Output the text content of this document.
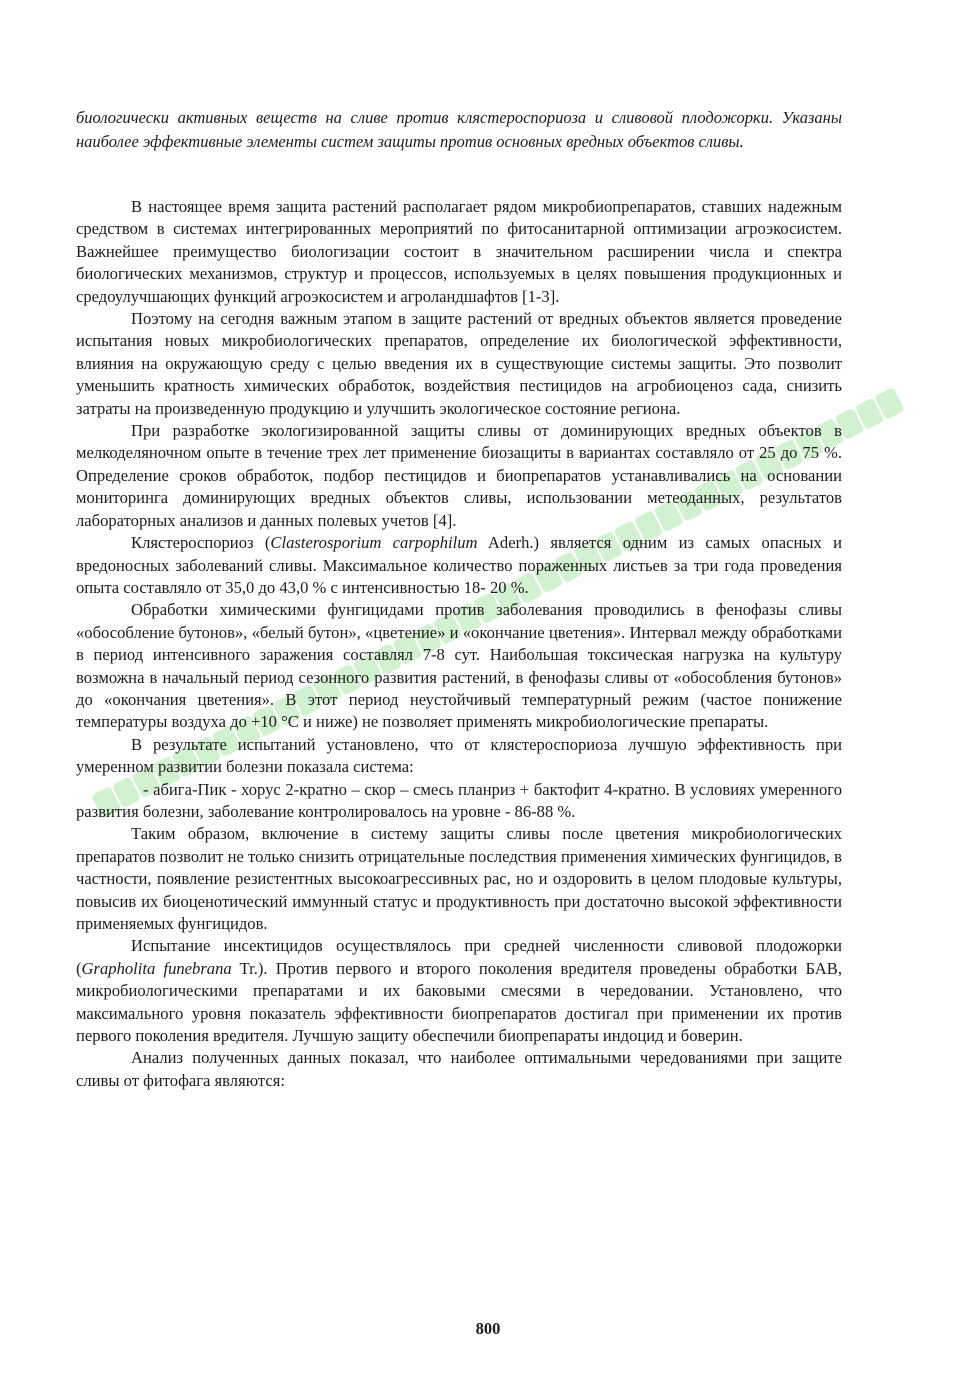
биологически активных веществ на сливе против клястероспориоза и сливовой плодожорки. Указаны наиболее эффективные элементы систем защиты против основных вредных объектов сливы.

В настоящее время защита растений располагает рядом микробиопрепаратов, ставших надежным средством в системах интегрированных мероприятий по фитосанитарной оптимизации агроэкосистем. Важнейшее преимущество биологизации состоит в значительном расширении числа и спектра биологических механизмов, структур и процессов, используемых в целях повышения продукционных и средоулучшающих функций агроэкосистем и агроландшафтов [1-3].

Поэтому на сегодня важным этапом в защите растений от вредных объектов является проведение испытания новых микробиологических препаратов, определение их биологической эффективности, влияния на окружающую среду с целью введения их в существующие системы защиты. Это позволит уменьшить кратность химических обработок, воздействия пестицидов на агробиоценоз сада, снизить затраты на произведенную продукцию и улучшить экологическое состояние региона.

При разработке экологизированной защиты сливы от доминирующих вредных объектов в мелкоделяночном опыте в течение трех лет применение биозащиты в вариантах составляло от 25 до 75 %. Определение сроков обработок, подбор пестицидов и биопрепаратов устанавливались на основании мониторинга доминирующих вредных объектов сливы, использовании метеоданных, результатов лабораторных анализов и данных полевых учетов [4].

Клястероспориоз (Clasterosporium carpophilum Aderh.) является одним из самых опасных и вредоносных заболеваний сливы. Максимальное количество пораженных листьев за три года проведения опыта составляло от 35,0 до 43,0 % с интенсивностью 18- 20 %.

Обработки химическими фунгицидами против заболевания проводились в фенофазы сливы «обособление бутонов», «белый бутон», «цветение» и «окончание цветения». Интервал между обработками в период интенсивного заражения составлял 7-8 сут. Наибольшая токсическая нагрузка на культуру возможна в начальный период сезонного развития растений, в фенофазы сливы от «обособления бутонов» до «окончания цветения». В этот период неустойчивый температурный режим (частое понижение температуры воздуха до +10 °С и ниже) не позволяет применять микробиологические препараты.

В результате испытаний установлено, что от клястероспориоза лучшую эффективность при умеренном развитии болезни показала система:

- абига-Пик - хорус 2-кратно – скор – смесь планриз + бактофит 4-кратно. В условиях умеренного развития болезни, заболевание контролировалось на уровне - 86-88 %.

Таким образом, включение в систему защиты сливы после цветения микробиологических препаратов позволит не только снизить отрицательные последствия применения химических фунгицидов, в частности, появление резистентных высокоагрессивных рас, но и оздоровить в целом плодовые культуры, повысив их биоценотический иммунный статус и продуктивность при достаточно высокой эффективности применяемых фунгицидов.

Испытание инсектицидов осуществлялось при средней численности сливовой плодожорки (Grapholita funebrana Tr.). Против первого и второго поколения вредителя проведены обработки БАВ, микробиологическими препаратами и их баковыми смесями в чередовании. Установлено, что максимального уровня показатель эффективности биопрепаратов достигал при применении их против первого поколения вредителя. Лучшую защиту обеспечили биопрепараты индоцид и боверин.

Анализ полученных данных показал, что наиболее оптимальными чередованиями при защите сливы от фитофага являются:

800
